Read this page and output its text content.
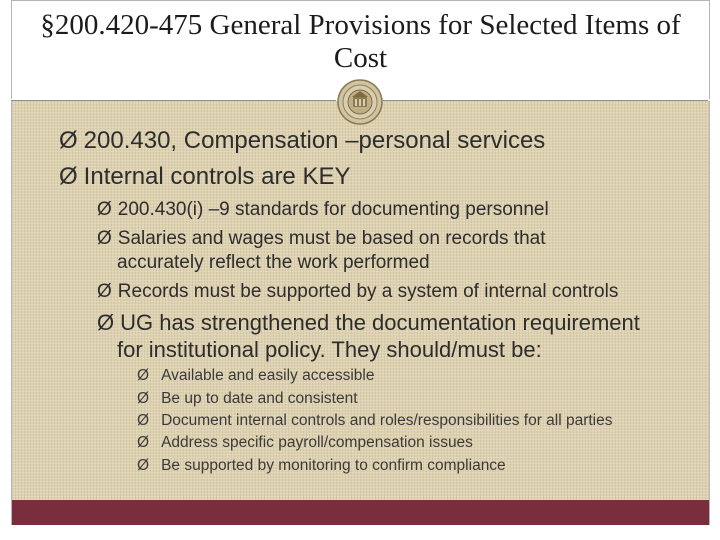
§200.420-475 General Provisions for Selected Items of Cost
Ø 200.430, Compensation –personal services
Ø Internal controls are KEY
Ø 200.430(i) –9 standards for documenting personnel
Ø Salaries and wages must be based on records that
accurately reflect the work performed
Ø Records must be supported by a system of internal controls
Ø UG has strengthened the documentation requirement
for institutional policy. They should/must be:
Ø Available and easily accessible
Ø Be up to date and consistent
Ø Document internal controls and roles/responsibilities for all parties
Ø Address specific payroll/compensation issues
Ø Be supported by monitoring to confirm compliance
